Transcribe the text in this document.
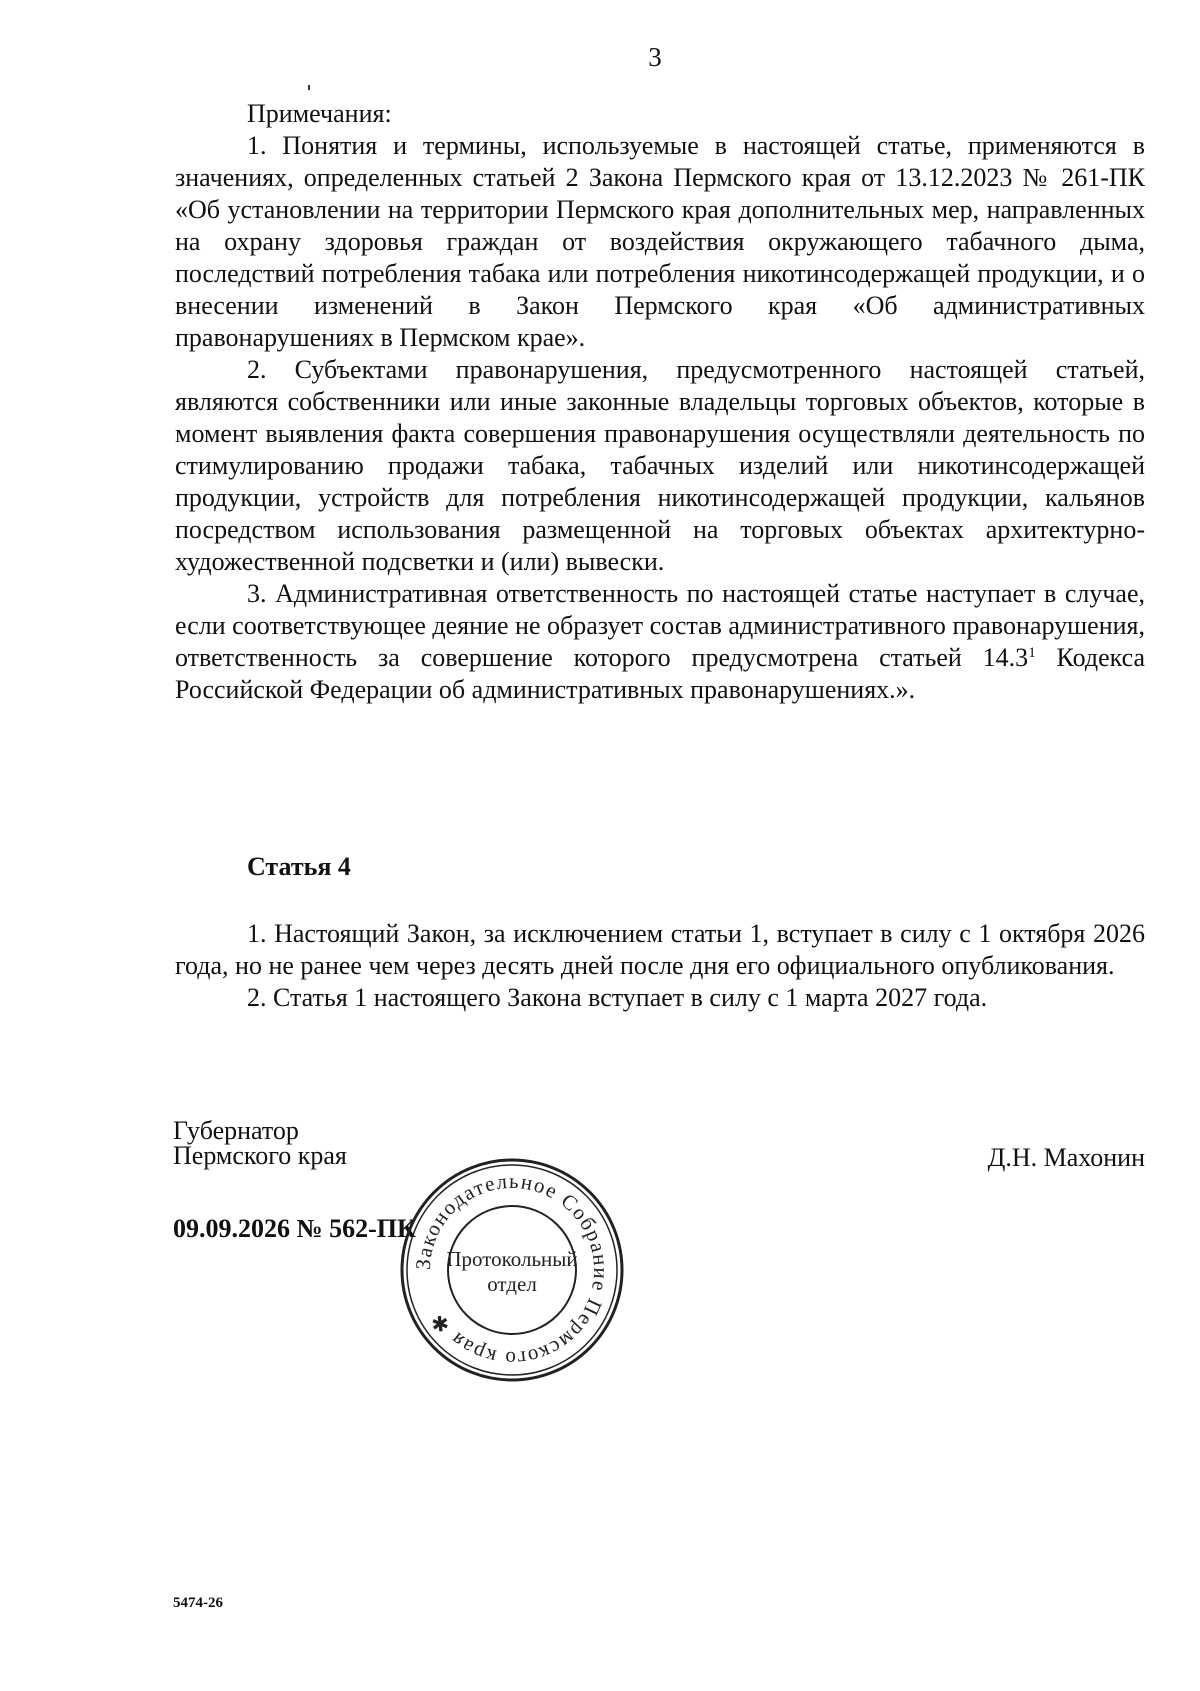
3
Примечания:

1. Понятия и термины, используемые в настоящей статье, применяются в значениях, определенных статьей 2 Закона Пермского края от 13.12.2023 № 261-ПК «Об установлении на территории Пермского края дополнительных мер, направленных на охрану здоровья граждан от воздействия окружающего табачного дыма, последствий потребления табака или потребления никотинсодержащей продукции, и о внесении изменений в Закон Пермского края «Об административных правонарушениях в Пермском крае».

2. Субъектами правонарушения, предусмотренного настоящей статьей, являются собственники или иные законные владельцы торговых объектов, которые в момент выявления факта совершения правонарушения осуществляли деятельность по стимулированию продажи табака, табачных изделий или никотинсодержащей продукции, устройств для потребления никотинсодержащей продукции, кальянов посредством использования размещенной на торговых объектах архитектурно-художественной подсветки и (или) вывески.

3. Административная ответственность по настоящей статье наступает в случае, если соответствующее деяние не образует состав административного правонарушения, ответственность за совершение которого предусмотрена статьей 14.3$^1$ Кодекса Российской Федерации об административных правонарушениях.».

Статья 4

1. Настоящий Закон, за исключением статьи 1, вступает в силу с 1 октября 2026 года, но не ранее чем через десять дней после дня его официального опубликования.

2. Статья 1 настоящего Закона вступает в силу с 1 марта 2027 года.

Губернатор
Пермского края	Д.Н. Махонин
09.09.2026 № 562-ПК
Законодательное Собрание Пермского края ✱
Протокольный
отдел
5474-26
